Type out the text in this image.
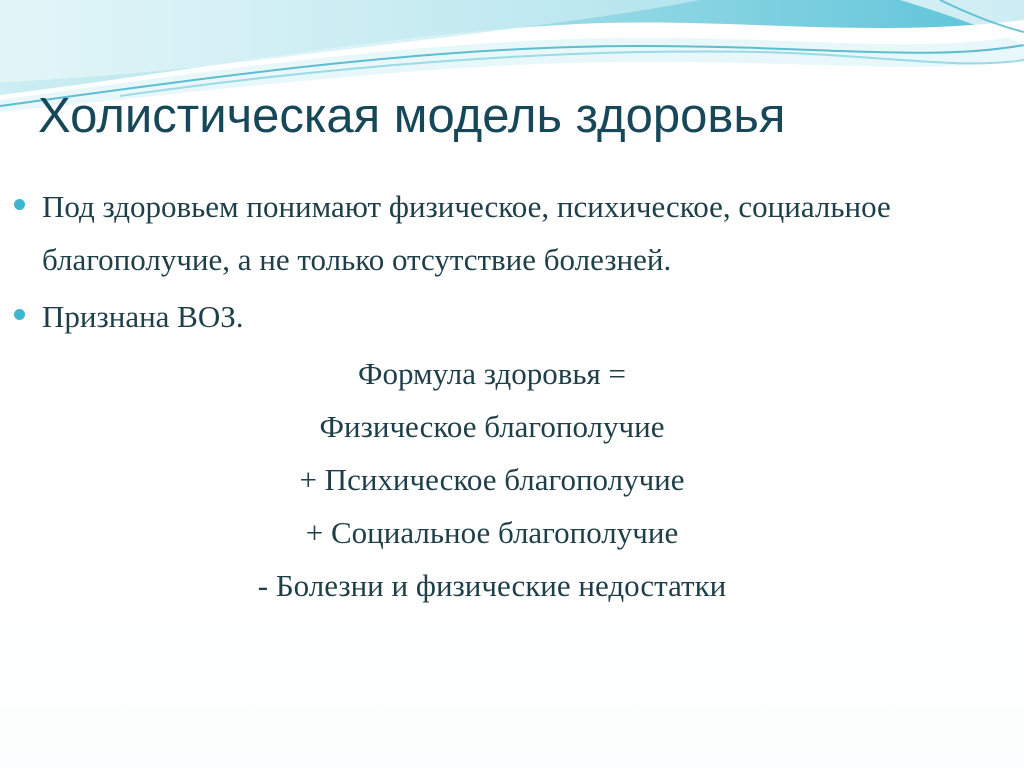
Холистическая модель здоровья
Под здоровьем понимают физическое, психическое, социальное благополучие, а не только отсутствие болезней.
Признана ВОЗ.
Формула здоровья =
Физическое благополучие
+ Психическое благополучие
+ Социальное благополучие
- Болезни и физические недостатки
